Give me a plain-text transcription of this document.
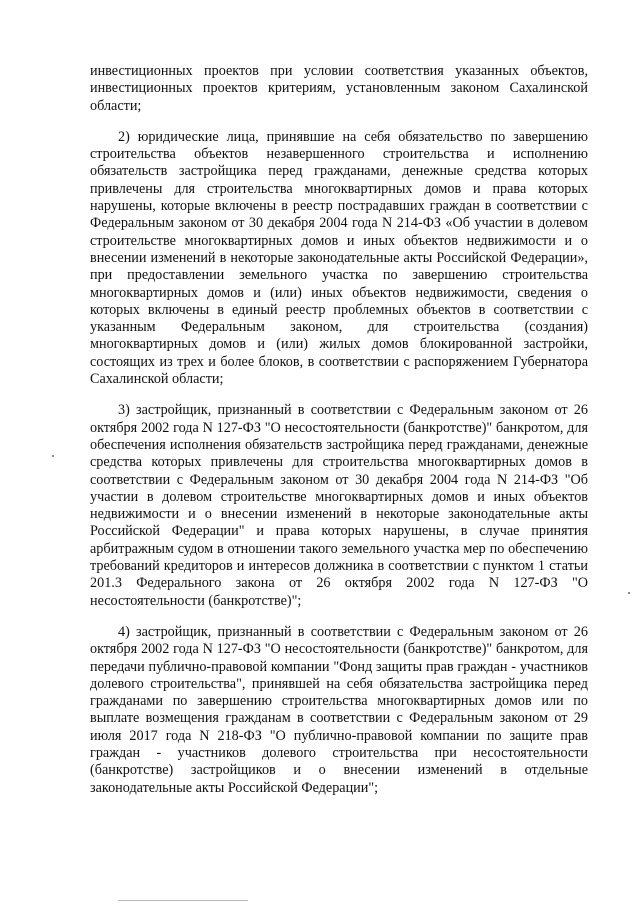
инвестиционных проектов при условии соответствия указанных объектов, инвестиционных проектов критериям, установленным законом Сахалинской области;

2) юридические лица, принявшие на себя обязательство по завершению строительства объектов незавершенного строительства и исполнению обязательств застройщика перед гражданами, денежные средства которых привлечены для строительства многоквартирных домов и права которых нарушены, которые включены в реестр пострадавших граждан в соответствии с Федеральным законом от 30 декабря 2004 года N 214-ФЗ «Об участии в долевом строительстве многоквартирных домов и иных объектов недвижимости и о внесении изменений в некоторые законодательные акты Российской Федерации», при предоставлении земельного участка по завершению строительства многоквартирных домов и (или) иных объектов недвижимости, сведения о которых включены в единый реестр проблемных объектов в соответствии с указанным Федеральным законом, для строительства (создания) многоквартирных домов и (или) жилых домов блокированной застройки, состоящих из трех и более блоков, в соответствии с распоряжением Губернатора Сахалинской области;

3) застройщик, признанный в соответствии с Федеральным законом от 26 октября 2002 года N 127-ФЗ "О несостоятельности (банкротстве)" банкротом, для обеспечения исполнения обязательств застройщика перед гражданами, денежные средства которых привлечены для строительства многоквартирных домов в соответствии с Федеральным законом от 30 декабря 2004 года N 214-ФЗ "Об участии в долевом строительстве многоквартирных домов и иных объектов недвижимости и о внесении изменений в некоторые законодательные акты Российской Федерации" и права которых нарушены, в случае принятия арбитражным судом в отношении такого земельного участка мер по обеспечению требований кредиторов и интересов должника в соответствии с пунктом 1 статьи 201.3 Федерального закона от 26 октября 2002 года N 127-ФЗ "О несостоятельности (банкротстве)";

4) застройщик, признанный в соответствии с Федеральным законом от 26 октября 2002 года N 127-ФЗ "О несостоятельности (банкротстве)" банкротом, для передачи публично-правовой компании "Фонд защиты прав граждан - участников долевого строительства", принявшей на себя обязательства застройщика перед гражданами по завершению строительства многоквартирных домов или по выплате возмещения гражданам в соответствии с Федеральным законом от 29 июля 2017 года N 218-ФЗ "О публично-правовой компании по защите прав граждан - участников долевого строительства при несостоятельности (банкротстве) застройщиков и о внесении изменений в отдельные законодательные акты Российской Федерации";
